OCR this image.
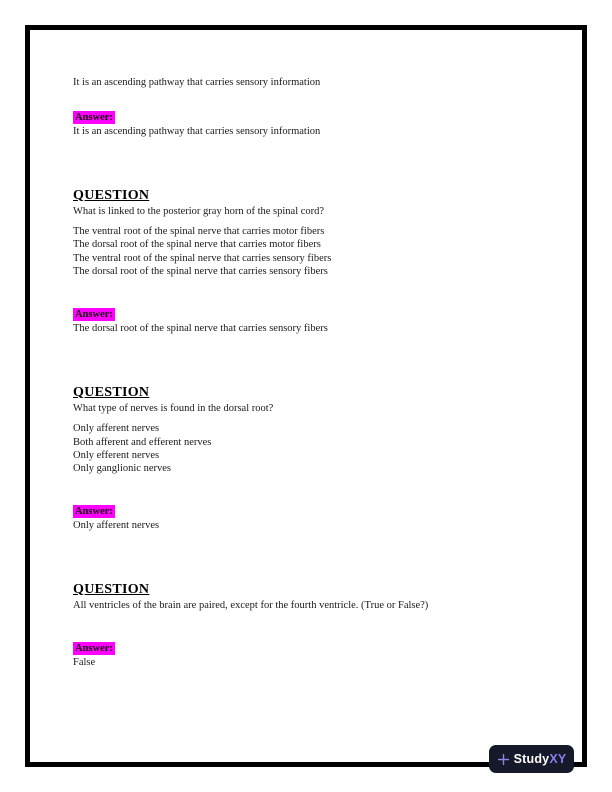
It is an ascending pathway that carries sensory information

Answer:

It is an ascending pathway that carries sensory information

QUESTION

What is linked to the posterior gray horn of the spinal cord?

The ventral root of the spinal nerve that carries motor fibers

The dorsal root of the spinal nerve that carries motor fibers

The ventral root of the spinal nerve that carries sensory fibers

The dorsal root of the spinal nerve that carries sensory fibers

Answer:

The dorsal root of the spinal nerve that carries sensory fibers

QUESTION

What type of nerves is found in the dorsal root?

Only afferent nerves

Both afferent and efferent nerves

Only efferent nerves

Only ganglionic nerves

Answer:

Only afferent nerves

QUESTION

All ventricles of the brain are paired, except for the fourth ventricle. (True or False?)

Answer:

False

StudyXY
